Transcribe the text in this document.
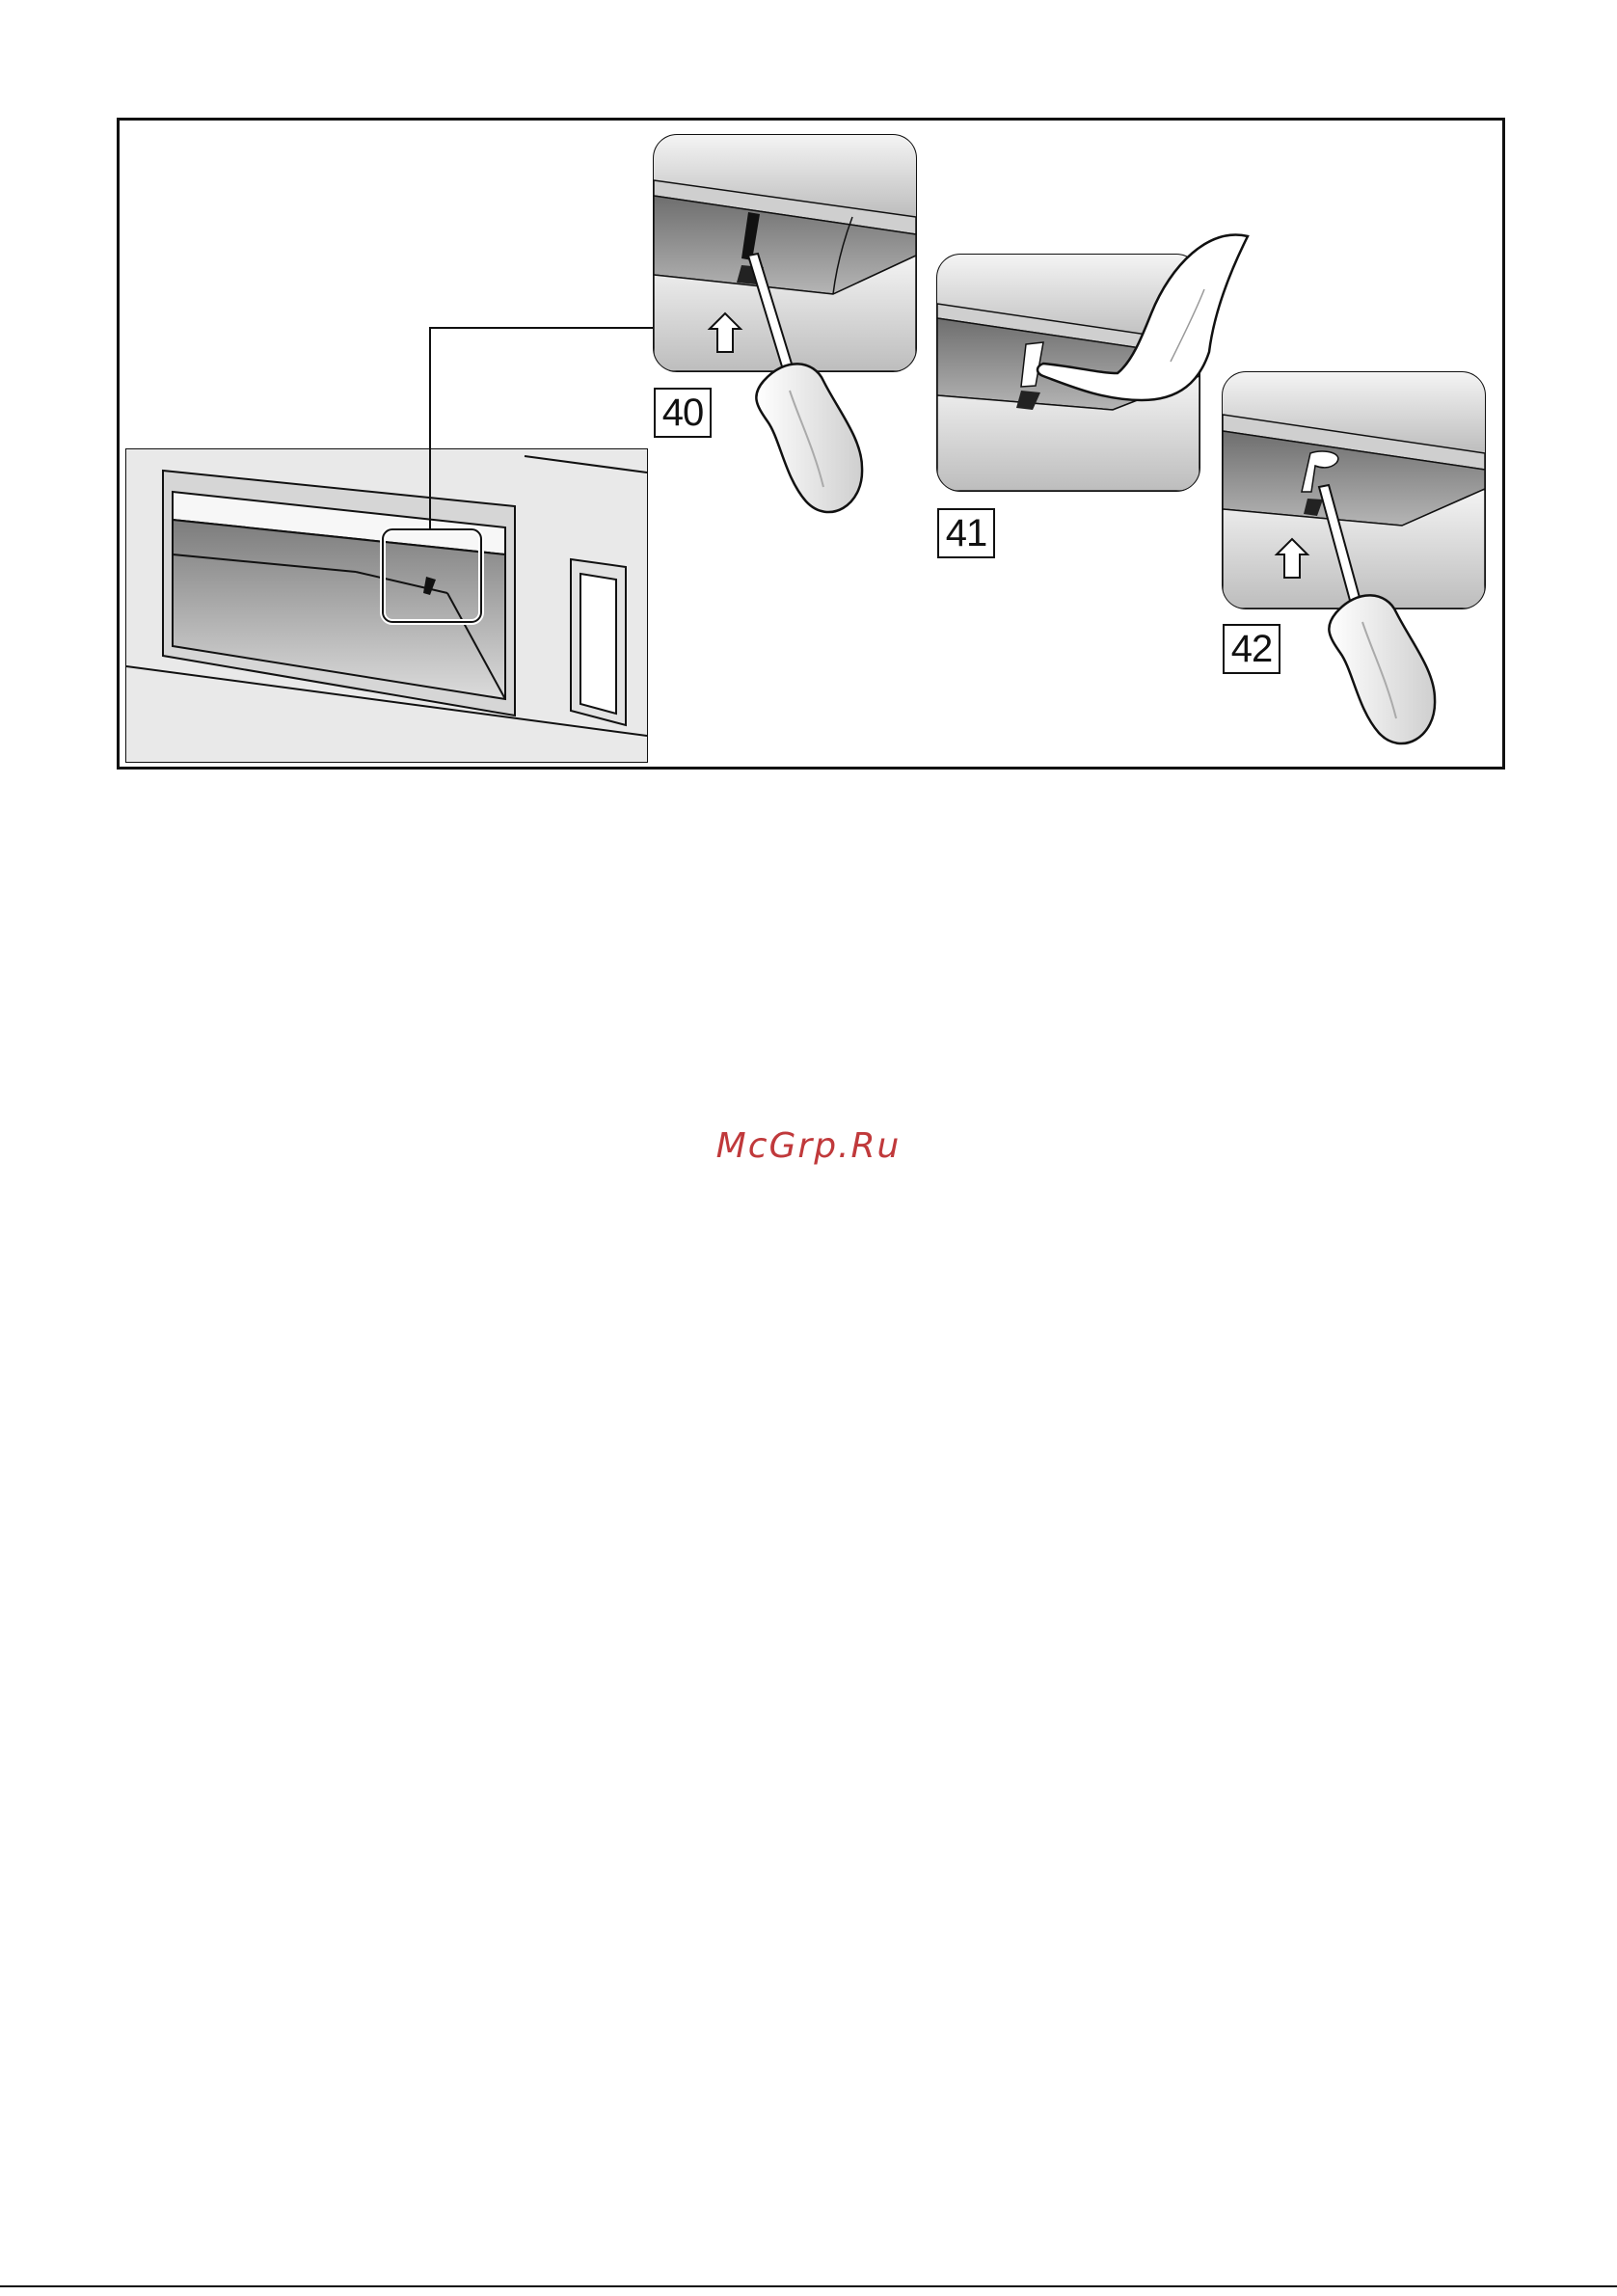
40
41
42
McGrp.Ru
